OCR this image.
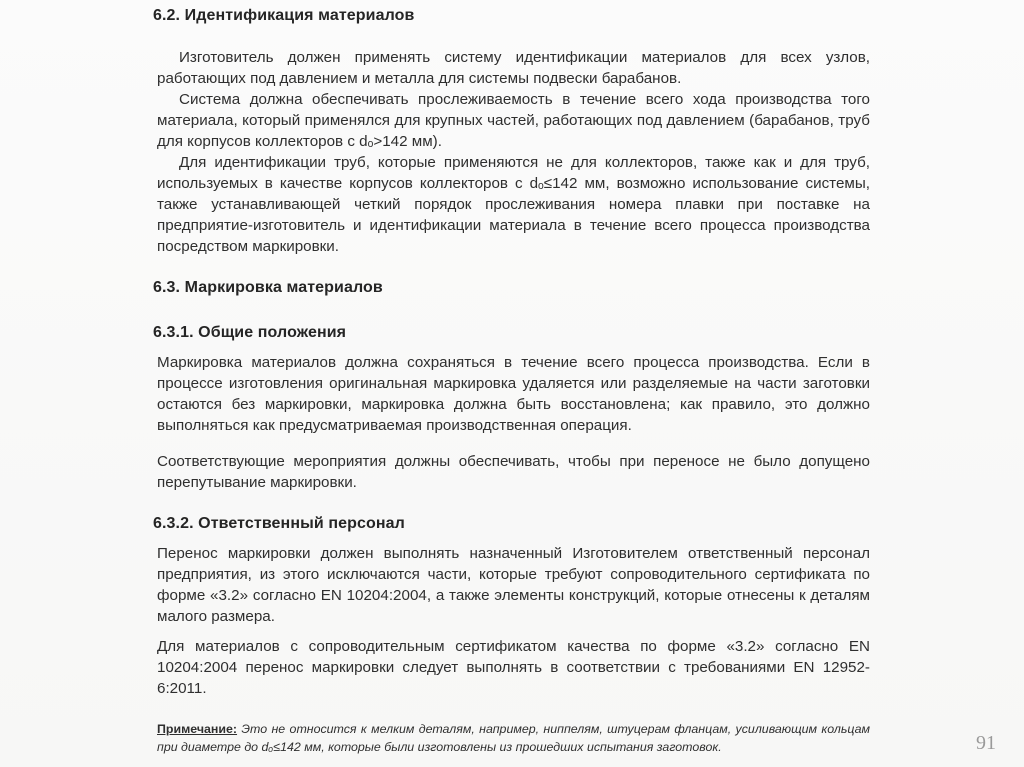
6.2. Идентификация материалов
Изготовитель должен применять систему идентификации материалов для всех узлов, работающих под давлением и металла для системы подвески барабанов.
Система должна обеспечивать прослеживаемость в течение всего хода производства того материала, который применялся для крупных частей, работающих под давлением (барабанов, труб для корпусов коллекторов с dₒ>142 мм).
Для идентификации труб, которые применяются не для коллекторов, также как и для труб, используемых в качестве корпусов коллекторов с dₒ≤142 мм, возможно использование системы, также устанавливающей четкий порядок прослеживания номера плавки при поставке на предприятие-изготовитель и идентификации материала в течение всего процесса производства посредством маркировки.
6.3. Маркировка материалов
6.3.1. Общие положения
Маркировка материалов должна сохраняться в течение всего процесса производства. Если в процессе изготовления оригинальная маркировка удаляется или разделяемые на части заготовки остаются без маркировки, маркировка должна быть восстановлена; как правило, это должно выполняться как предусматриваемая производственная операция.
Соответствующие мероприятия должны обеспечивать, чтобы при переносе не было допущено перепутывание маркировки.
6.3.2. Ответственный персонал
Перенос маркировки должен выполнять назначенный Изготовителем ответственный персонал предприятия, из этого исключаются части, которые требуют сопроводительного сертификата по форме «3.2» согласно EN 10204:2004, а также элементы конструкций, которые отнесены к деталям малого размера.
Для материалов с сопроводительным сертификатом качества по форме «3.2» согласно EN 10204:2004 перенос маркировки следует выполнять в соответствии с требованиями EN 12952-6:2011.
Примечание: Это не относится к мелким деталям, например, ниппелям, штуцерам фланцам, усиливающим кольцам при диаметре до dₒ≤142 мм, которые были изготовлены из прошедших испытания заготовок.	91
